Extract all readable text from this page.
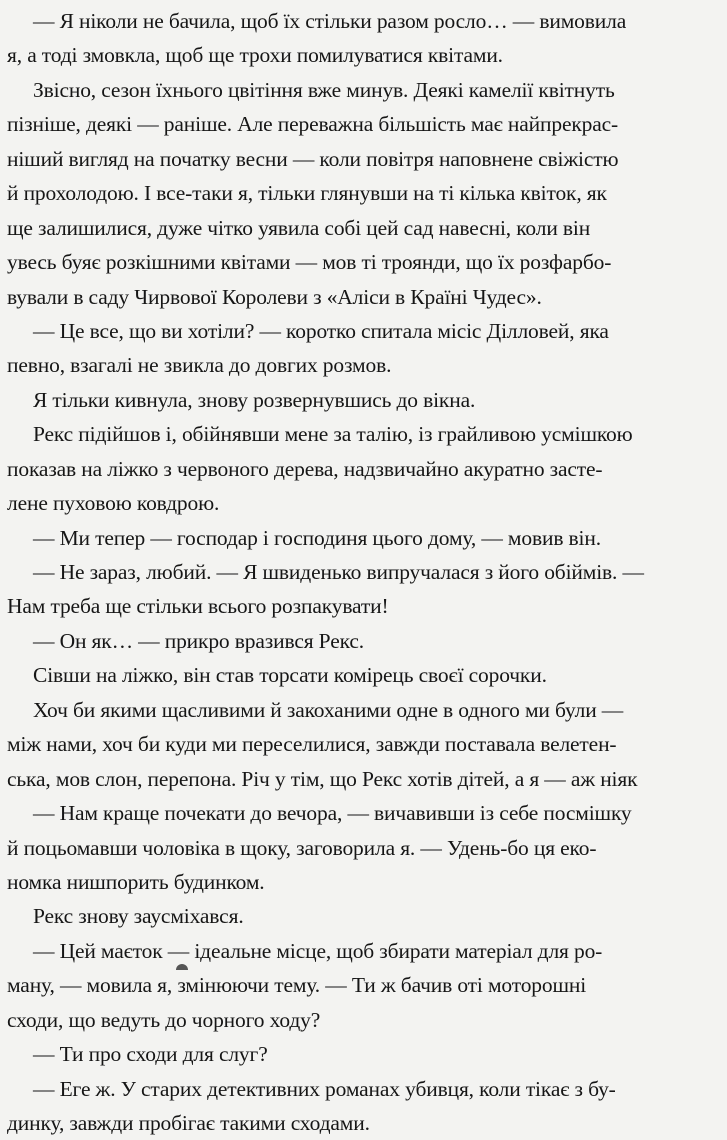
— Я ніколи не бачила, щоб їх стільки разом росло… — вимовила
я, а тоді змовкла, щоб ще трохи помилуватися квітами.
Звісно, сезон їхнього цвітіння вже минув. Деякі камелії квітнуть
пізніше, деякі — раніше. Але переважна більшість має найпрекрас-
ніший вигляд на початку весни — коли повітря наповнене свіжістю
й прохолодою. І все-таки я, тільки глянувши на ті кілька квіток, як
ще залишилися, дуже чітко уявила собі цей сад навесні, коли він
увесь буяє розкішними квітами — мов ті троянди, що їх розфарбо-
вували в саду Чирвової Королеви з «Аліси в Країні Чудес».
— Це все, що ви хотіли? — коротко спитала місіс Ділловей, яка
певно, взагалі не звикла до довгих розмов.
Я тільки кивнула, знову розвернувшись до вікна.
Рекс підійшов і, обійнявши мене за талію, із грайливою усмішкою
показав на ліжко з червоного дерева, надзвичайно акуратно засте-
лене пуховою ковдрою.
— Ми тепер — господар і господиня цього дому, — мовив він.
— Не зараз, любий. — Я швиденько випручалася з його обіймів. —
Нам треба ще стільки всього розпакувати!
— Он як… — прикро вразився Рекс.
Сівши на ліжко, він став торсати комірець своєї сорочки.
Хоч би якими щасливими й закоханими одне в одного ми були —
між нами, хоч би куди ми переселилися, завжди поставала велетен-
ська, мов слон, перепона. Річ у тім, що Рекс хотів дітей, а я — аж ніяк
— Нам краще почекати до вечора, — вичавивши із себе посмішку
й поцьомавши чоловіка в щоку, заговорила я. — Удень-бо ця еко-
номка нишпорить будинком.
Рекс знову заусміхався.
— Цей маєток — ідеальне місце, щоб збирати матеріал для ро-
ману, — мовила я, змінюючи тему. — Ти ж бачив оті моторошні
сходи, що ведуть до чорного ходу?
— Ти про сходи для слуг?
— Еге ж. У старих детективних романах убивця, коли тікає з бу-
динку, завжди пробігає такими сходами.
